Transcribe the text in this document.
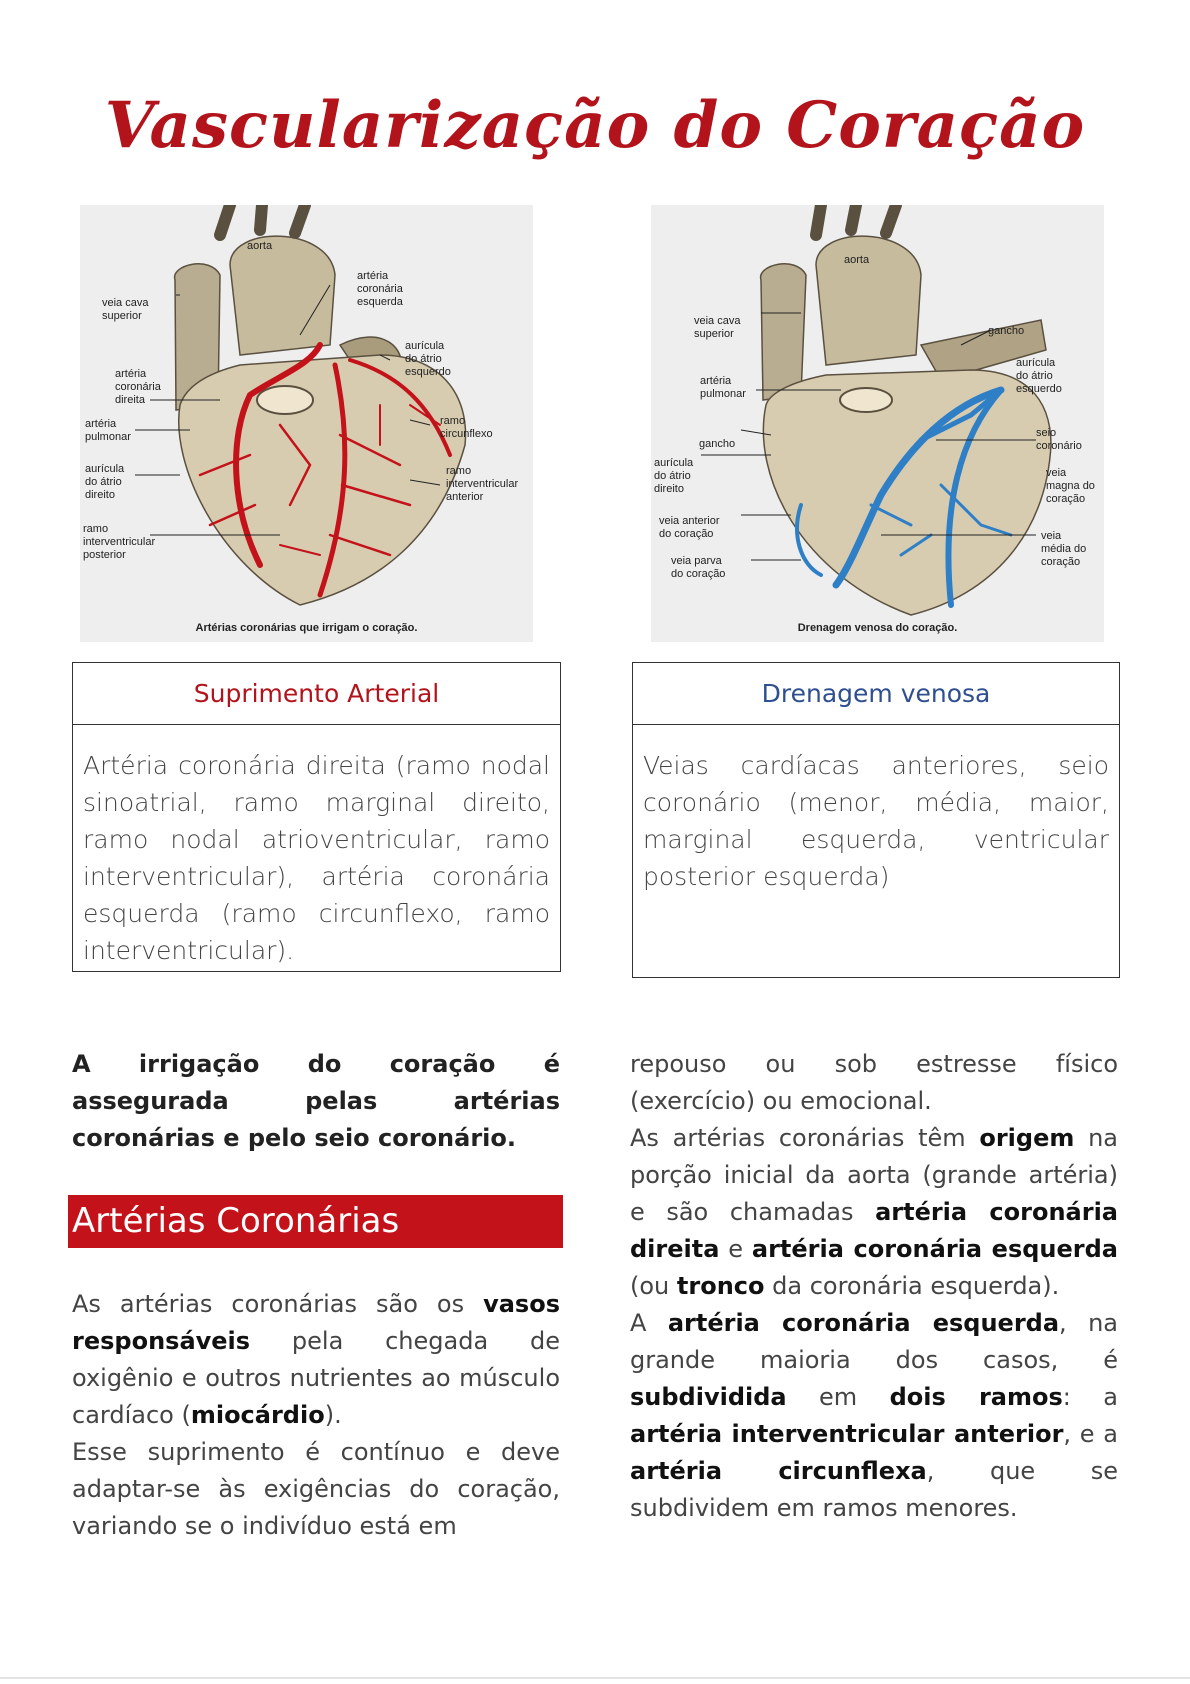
Vascularização do Coração
aorta
veia cava
superior
artéria
coronária
esquerda
aurícula
do átrio
esquerdo
artéria
coronária
direita
artéria
pulmonar
ramo
circunflexo
aurícula
do átrio
direito
ramo
interventricular
anterior
ramo
interventricular
posterior
Artérias coronárias que irrigam o coração.
aorta
veia cava
superior	gancho
aurícula
do átrio
esquerdo
artéria
pulmonar
gancho
seio
coronário
aurícula
do átrio
direito
veia
magna do
coração
veia anterior
do coração	veia
média do
coração
veia parva
do coração
Drenagem venosa do coração.
Suprimento Arterial
Artéria coronária direita (ramo nodal sinoatrial, ramo marginal direito, ramo nodal atrioventricular, ramo interventricular), artéria coronária esquerda (ramo circunflexo, ramo interventricular).
Drenagem venosa
Veias cardíacas anteriores, seio coronário (menor, média, maior, marginal esquerda, ventricular posterior esquerda)

A irrigação do coração é assegurada pelas artérias coronárias e pelo seio coronário.

Artérias Coronárias

As artérias coronárias são os vasos responsáveis pela chegada de oxigênio e outros nutrientes ao músculo cardíaco (miocárdio).

Esse suprimento é contínuo e deve adaptar-se às exigências do coração, variando se o indivíduo está em

repouso ou sob estresse físico (exercício) ou emocional.

As artérias coronárias têm origem na porção inicial da aorta (grande artéria) e são chamadas artéria coronária direita e artéria coronária esquerda (ou tronco da coronária esquerda).

A artéria coronária esquerda, na grande maioria dos casos, é subdividida em dois ramos: a artéria interventricular anterior, e a artéria circunflexa, que se subdividem em ramos menores.
